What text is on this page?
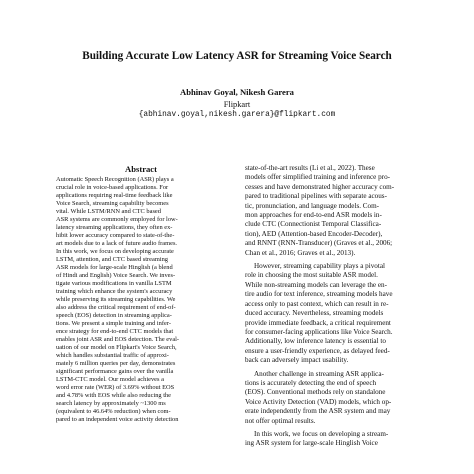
Building Accurate Low Latency ASR for Streaming Voice Search
Abhinav Goyal, Nikesh Garera
Flipkart
{abhinav.goyal,nikesh.garera}@flipkart.com
Abstract
Automatic Speech Recognition (ASR) plays a
crucial role in voice-based applications. For
applications requiring real-time feedback like
Voice Search, streaming capability becomes
vital. While LSTM/RNN and CTC based
ASR systems are commonly employed for low-
latency streaming applications, they often ex-
hibit lower accuracy compared to state-of-the-
art models due to a lack of future audio frames.
In this work, we focus on developing accurate
LSTM, attention, and CTC based streaming
ASR models for large-scale Hinglish (a blend
of Hindi and English) Voice Search. We inves-
tigate various modifications in vanilla LSTM
training which enhance the system's accuracy
while preserving its streaming capabilities. We
also address the critical requirement of end-of-
speech (EOS) detection in streaming applica-
tions. We present a simple training and infer-
ence strategy for end-to-end CTC models that
enables joint ASR and EOS detection. The eval-
uation of our model on Flipkart's Voice Search,
which handles substantial traffic of approxi-
mately 6 million queries per day, demonstrates
significant performance gains over the vanilla
LSTM-CTC model. Our model achieves a
word error rate (WER) of 3.69% without EOS
and 4.78% with EOS while also reducing the
search latency by approximately ~1300 ms
(equivalent to 46.64% reduction) when com-
pared to an independent voice activity detection
state-of-the-art results (Li et al., 2022). These
models offer simplified training and inference pro-
cesses and have demonstrated higher accuracy com-
pared to traditional pipelines with separate acous-
tic, pronunciation, and language models. Com-
mon approaches for end-to-end ASR models in-
clude CTC (Connectionist Temporal Classifica-
tion), AED (Attention-based Encoder-Decoder),
and RNNT (RNN-Transducer) (Graves et al., 2006;
Chan et al., 2016; Graves et al., 2013).
However, streaming capability plays a pivotal
role in choosing the most suitable ASR model.
While non-streaming models can leverage the en-
tire audio for text inference, streaming models have
access only to past context, which can result in re-
duced accuracy. Nevertheless, streaming models
provide immediate feedback, a critical requirement
for consumer-facing applications like Voice Search.
Additionally, low inference latency is essential to
ensure a user-friendly experience, as delayed feed-
back can adversely impact usability.
Another challenge in streaming ASR applica-
tions is accurately detecting the end of speech
(EOS). Conventional methods rely on standalone
Voice Activity Detection (VAD) models, which op-
erate independently from the ASR system and may
not offer optimal results.
In this work, we focus on developing a stream-
ing ASR system for large-scale Hinglish Voice
